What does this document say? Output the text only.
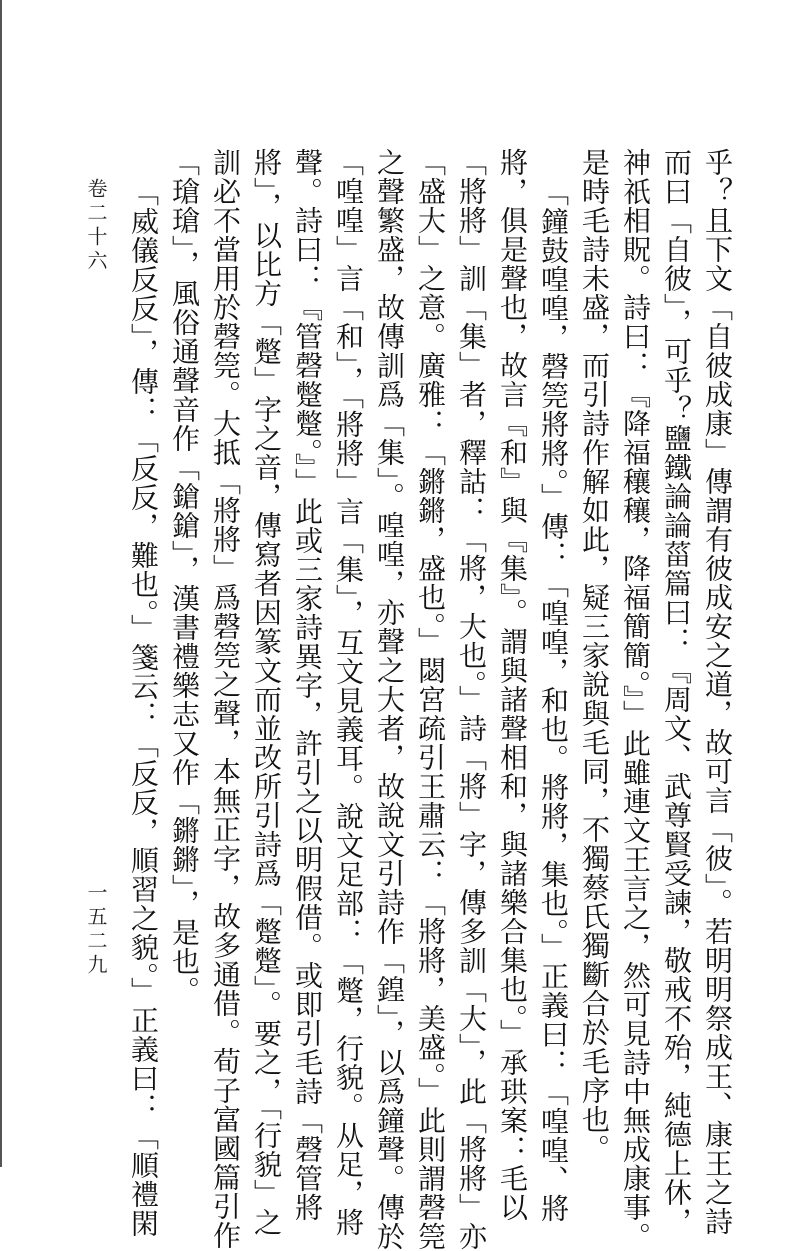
乎？且下文「自彼成康」傳謂有彼成安之道，故可言「彼」。若明明祭成王、康王之詩
而曰「自彼」，可乎？鹽鐵論論菑篇曰：『周文、武尊賢受諫，敬戒不殆，純德上休，
神祇相貺。詩曰：『降福穰穰，降福簡簡。』」此雖連文王言之，然可見詩中無成康事。
是時毛詩未盛，而引詩作解如此，疑三家說與毛同，不獨蔡氏獨斷合於毛序也。
「鐘鼓喤喤，磬筦將將。」傳：「喤喤，和也。將將，集也。」正義曰：「喤喤、將
將，俱是聲也，故言『和』與『集』。謂與諸聲相和，與諸樂合集也。」承珙案：毛以
「將將」訓「集」者，釋詁：「將，大也。」詩「將」字，傳多訓「大」，此「將將」亦
「盛大」之意。廣雅：「鏘鏘，盛也。」閟宮疏引王肅云：「將將，美盛。」此則謂磬筦
之聲繁盛，故傳訓爲「集」。喤喤，亦聲之大者，故說文引詩作「鍠」，以爲鐘聲。傳於
「喤喤」言「和」，「將將」言「集」，互文見義耳。說文足部：「蹩，行貌。从足，將
聲。詩曰：『管磬蹩蹩。』」此或三家詩異字，許引之以明假借。或即引毛詩「磬管將
將」，以比方「蹩」字之音，傳寫者因篆文而並改所引詩爲「蹩蹩」。要之，「行貌」之
訓必不當用於磬筦。大抵「將將」爲磬筦之聲，本無正字，故多通借。荀子富國篇引作
「瑲瑲」，風俗通聲音作「鎗鎗」，漢書禮樂志又作「鏘鏘」，是也。
「威儀反反」，傳：「反反，難也。」箋云：「反反，順習之貌。」正義曰：「順禮閑
卷二十六
一五二九
